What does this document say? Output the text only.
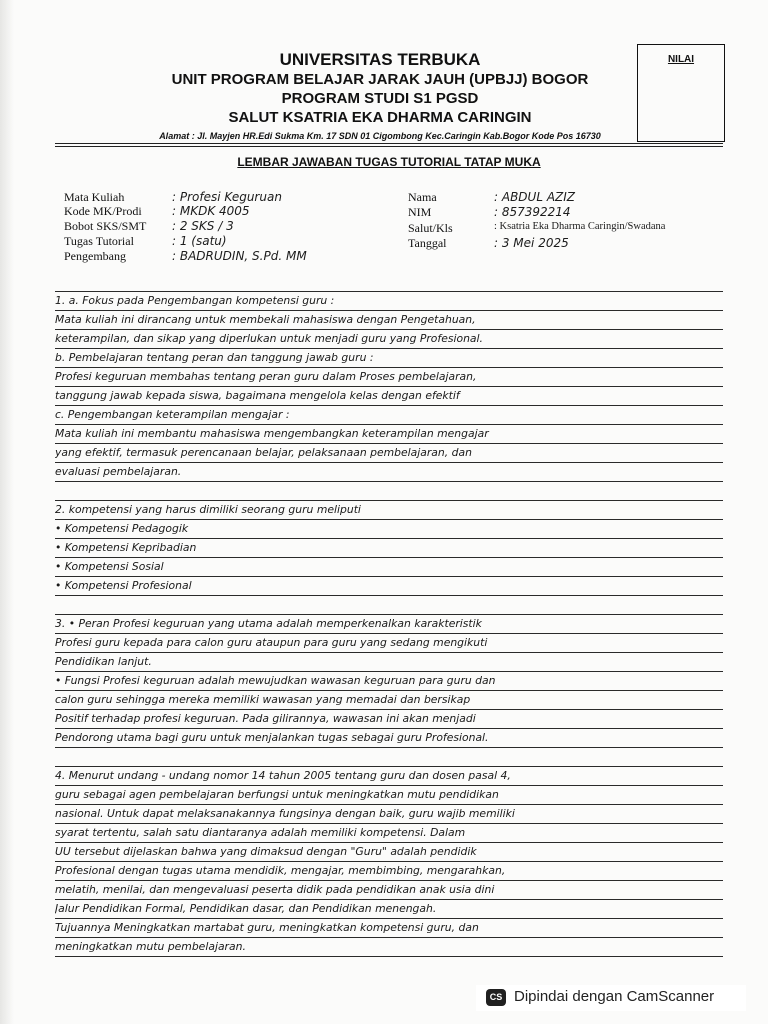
UNIVERSITAS TERBUKA
UNIT PROGRAM BELAJAR JARAK JAUH (UPBJJ) BOGOR
PROGRAM STUDI S1 PGSD
SALUT KSATRIA EKA DHARMA CARINGIN
Alamat : Jl. Mayjen HR.Edi Sukma Km. 17 SDN 01 Cigombong Kec.Caringin Kab.Bogor Kode Pos 16730
NILAI
LEMBAR JAWABAN TUGAS TUTORIAL TATAP MUKA
Mata Kuliah	: Profesi Keguruan
Kode MK/Prodi	: MKDK 4005
Bobot SKS/SMT : 2 SKS / 3
Tugas Tutorial	: 1 (satu)
Pengembang	: BADRUDIN, S.Pd. MM
Nama	: ABDUL AZIZ
NIM	: 857392214
Salut/Kls	: Ksatria Eka Dharma Caringin/Swadana
Tanggal	: 3 Mei 2025
1. a. Fokus pada Pengembangan kompetensi guru :
Mata kuliah ini dirancang untuk membekali mahasiswa dengan Pengetahuan,
keterampilan, dan sikap yang diperlukan untuk menjadi guru yang Profesional.
b. Pembelajaran tentang peran dan tanggung jawab guru :
Profesi keguruan membahas tentang peran guru dalam Proses pembelajaran,
tanggung jawab kepada siswa, bagaimana mengelola kelas dengan efektif
c. Pengembangan keterampilan mengajar :
Mata kuliah ini membantu mahasiswa mengembangkan keterampilan mengajar
yang efektif, termasuk perencanaan belajar, pelaksanaan pembelajaran, dan
evaluasi pembelajaran.
2. kompetensi yang harus dimiliki seorang guru meliputi
• Kompetensi Pedagogik
• Kompetensi Kepribadian
• Kompetensi Sosial
• Kompetensi Profesional
3. • Peran Profesi keguruan yang utama adalah memperkenalkan karakteristik
Profesi guru kepada para calon guru ataupun para guru yang sedang mengikuti
Pendidikan lanjut.
• Fungsi Profesi keguruan adalah mewujudkan wawasan keguruan para guru dan
calon guru sehingga mereka memiliki wawasan yang memadai dan bersikap
Positif terhadap profesi keguruan. Pada gilirannya, wawasan ini akan menjadi
Pendorong utama bagi guru untuk menjalankan tugas sebagai guru Profesional.
4. Menurut undang - undang nomor 14 tahun 2005 tentang guru dan dosen pasal 4,
guru sebagai agen pembelajaran berfungsi untuk meningkatkan mutu pendidikan
nasional. Untuk dapat melaksanakannya fungsinya dengan baik, guru wajib memiliki
syarat tertentu, salah satu diantaranya adalah memiliki kompetensi. Dalam
UU tersebut dijelaskan bahwa yang dimaksud dengan "Guru" adalah pendidik
Profesional dengan tugas utama mendidik, mengajar, membimbing, mengarahkan,
melatih, menilai, dan mengevaluasi peserta didik pada pendidikan anak usia dini
Jalur Pendidikan Formal, Pendidikan dasar, dan Pendidikan menengah.
Tujuannya Meningkatkan martabat guru, meningkatkan kompetensi guru, dan
meningkatkan mutu pembelajaran.
CS Dipindai dengan CamScanner
